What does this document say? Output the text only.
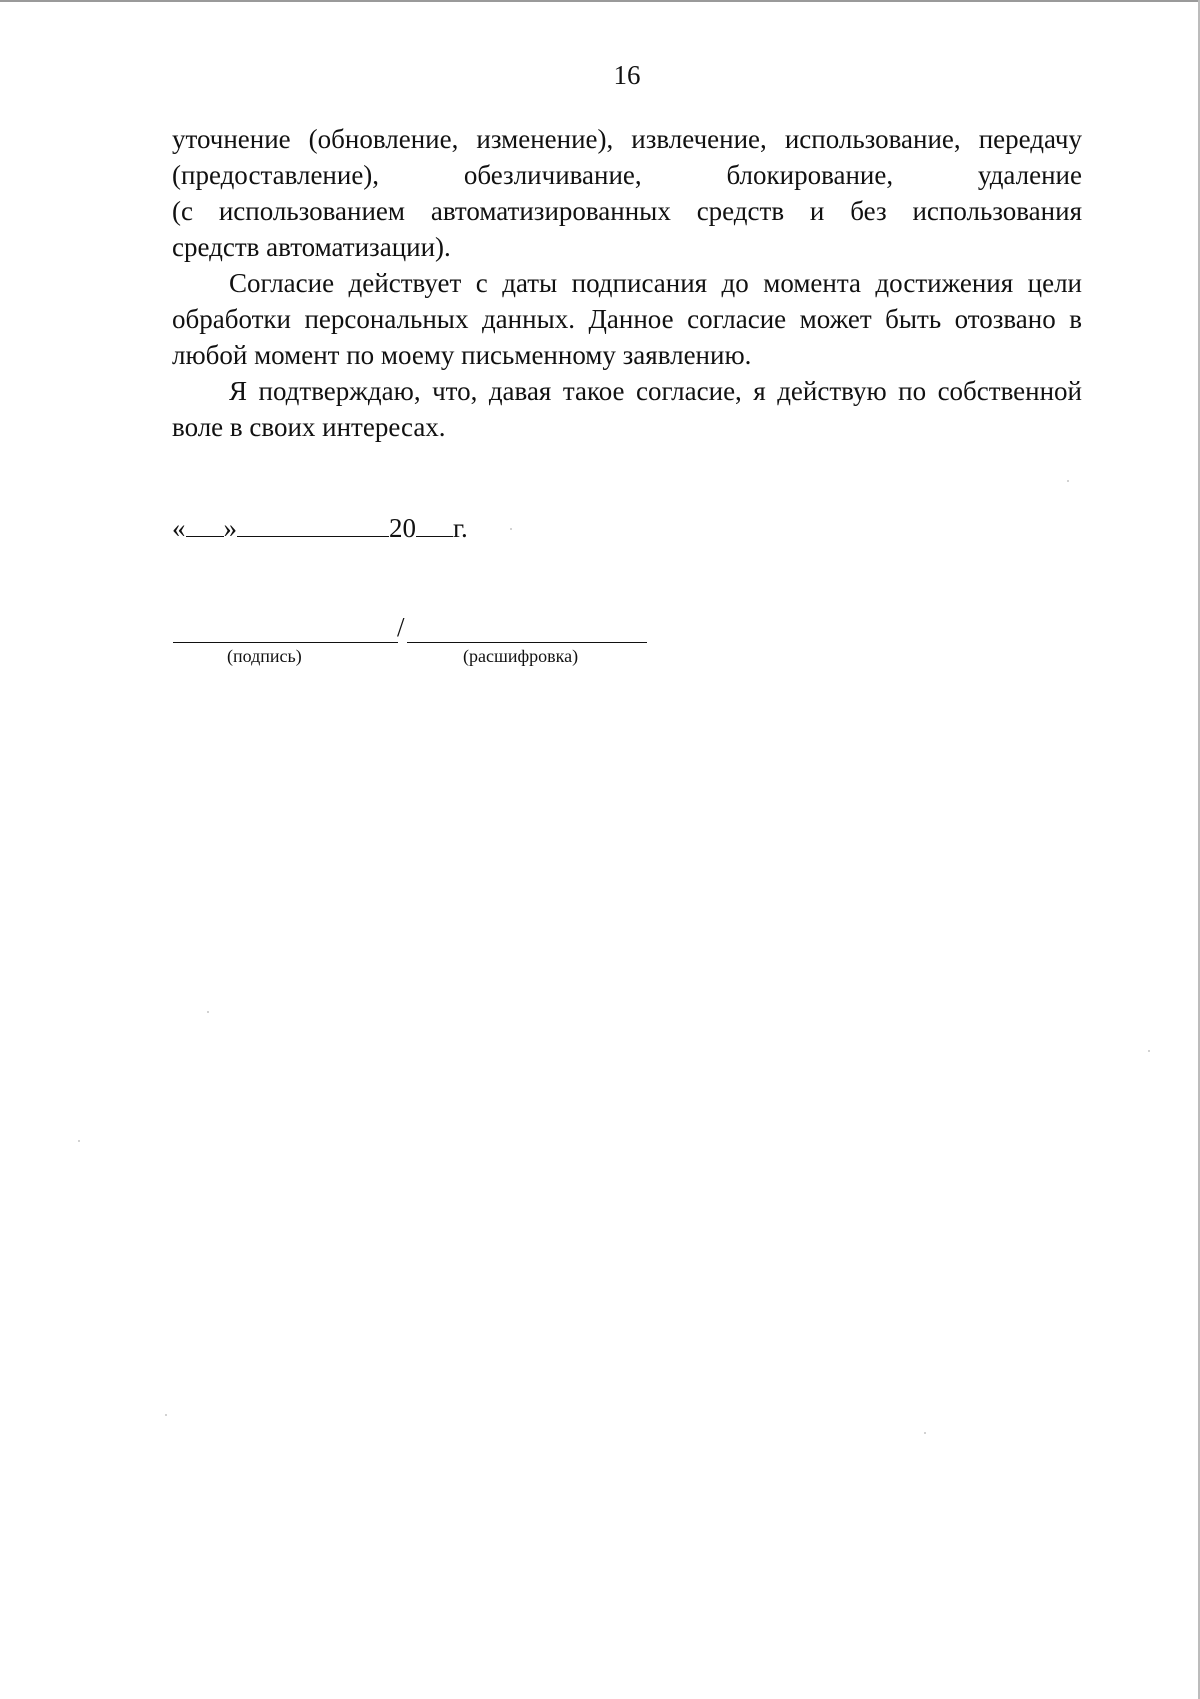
16

уточнение (обновление, изменение), извлечение, использование, передачу
(предоставление), обезличивание, блокирование, удаление
(с использованием автоматизированных средств и без использования
средств автоматизации).

Согласие действует с даты подписания до момента достижения цели обработки персональных данных. Данное согласие может быть отозвано в любой момент по моему письменному заявлению.

Я подтверждаю, что, давая такое согласие, я действую по собственной воле в своих интересах.

« »	20 г.
/
(подпись)	(расшифровка)
